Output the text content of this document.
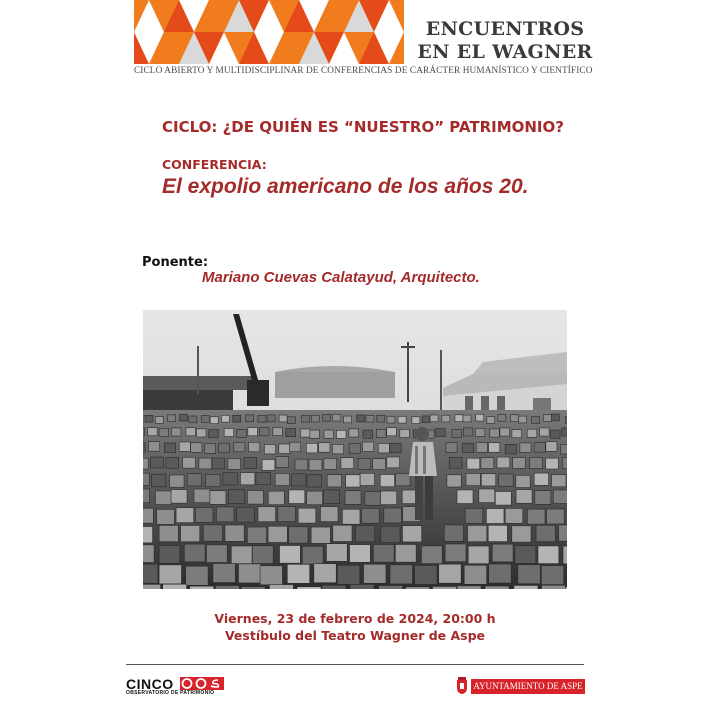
ENCUENTROS
EN EL WAGNER
CICLO ABIERTO Y MULTIDISCIPLINAR DE CONFERENCIAS DE CARÁCTER HUMANÍSTICO Y CIENTÍFICO
CICLO: ¿DE QUIÉN ES “NUESTRO” PATRIMONIO?
CONFERENCIA:
El expolio americano de los años 20.
Ponente:
Mariano Cuevas Calatayud, Arquitecto.
Viernes, 23 de febrero de 2024, 20:00 h
Vestíbulo del Teatro Wagner de Aspe
CINCO
OBSERVATORIO DE PATRIMONIO
AYUNTAMIENTO DE ASPE
